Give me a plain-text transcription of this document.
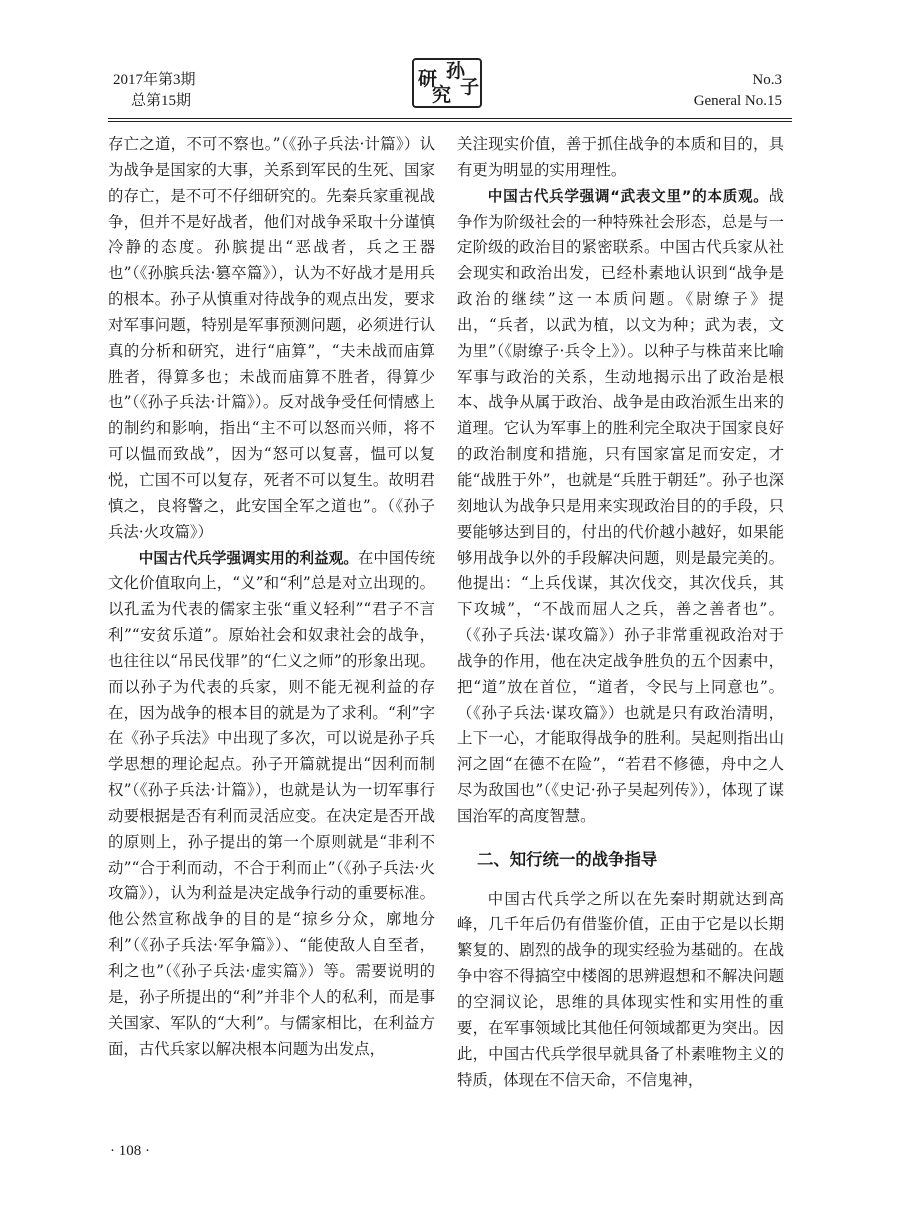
2017年第3期
总第15期
孙
研 子
究
No.3
General No.15

存亡之道，不可不察也。”（《孙子兵法·计篇》）认为战争是国家的大事，关系到军民的生死、国家的存亡，是不可不仔细研究的。先秦兵家重视战争，但并不是好战者，他们对战争采取十分谨慎冷静的态度。孙膑提出“恶战者，兵之王器也”（《孙膑兵法·篡卒篇》），认为不好战才是用兵的根本。孙子从慎重对待战争的观点出发，要求对军事问题，特别是军事预测问题，必须进行认真的分析和研究，进行“庙算”，“夫未战而庙算胜者，得算多也；未战而庙算不胜者，得算少也”（《孙子兵法·计篇》）。反对战争受任何情感上的制约和影响，指出“主不可以怒而兴师，将不可以愠而致战”，因为“怒可以复喜，愠可以复悦，亡国不可以复存，死者不可以复生。故明君慎之，良将警之，此安国全军之道也”。（《孙子兵法·火攻篇》）

中国古代兵学强调实用的利益观。在中国传统文化价值取向上，“义”和“利”总是对立出现的。以孔孟为代表的儒家主张“重义轻利”“君子不言利”“安贫乐道”。原始社会和奴隶社会的战争，也往往以“吊民伐罪”的“仁义之师”的形象出现。而以孙子为代表的兵家，则不能无视利益的存在，因为战争的根本目的就是为了求利。“利”字在《孙子兵法》中出现了多次，可以说是孙子兵学思想的理论起点。孙子开篇就提出“因利而制权”（《孙子兵法·计篇》），也就是认为一切军事行动要根据是否有利而灵活应变。在决定是否开战的原则上，孙子提出的第一个原则就是“非利不动”“合于利而动，不合于利而止”（《孙子兵法·火攻篇》），认为利益是决定战争行动的重要标准。他公然宣称战争的目的是“掠乡分众，廓地分利”（《孙子兵法·军争篇》）、“能使敌人自至者，利之也”（《孙子兵法·虚实篇》）等。需要说明的是，孙子所提出的“利”并非个人的私利，而是事关国家、军队的“大利”。与儒家相比，在利益方面，古代兵家以解决根本问题为出发点，

关注现实价值，善于抓住战争的本质和目的，具有更为明显的实用理性。

中国古代兵学强调“武表文里”的本质观。战争作为阶级社会的一种特殊社会形态，总是与一定阶级的政治目的紧密联系。中国古代兵家从社会现实和政治出发，已经朴素地认识到“战争是政治的继续”这一本质问题。《尉缭子》提出，“兵者，以武为植，以文为种；武为表，文为里”（《尉缭子·兵令上》）。以种子与株苗来比喻军事与政治的关系，生动地揭示出了政治是根本、战争从属于政治、战争是由政治派生出来的道理。它认为军事上的胜利完全取决于国家良好的政治制度和措施，只有国家富足而安定，才能“战胜于外”，也就是“兵胜于朝廷”。孙子也深刻地认为战争只是用来实现政治目的的手段，只要能够达到目的，付出的代价越小越好，如果能够用战争以外的手段解决问题，则是最完美的。他提出：“上兵伐谋，其次伐交，其次伐兵，其下攻城”，“不战而屈人之兵，善之善者也”。（《孙子兵法·谋攻篇》）孙子非常重视政治对于战争的作用，他在决定战争胜负的五个因素中，把“道”放在首位，“道者，令民与上同意也”。（《孙子兵法·谋攻篇》）也就是只有政治清明，上下一心，才能取得战争的胜利。吴起则指出山河之固“在德不在险”，“若君不修德，舟中之人尽为敌国也”（《史记·孙子吴起列传》），体现了谋国治军的高度智慧。

二、知行统一的战争指导

中国古代兵学之所以在先秦时期就达到高峰，几千年后仍有借鉴价值，正由于它是以长期繁复的、剧烈的战争的现实经验为基础的。在战争中容不得搞空中楼阁的思辨遐想和不解决问题的空洞议论，思维的具体现实性和实用性的重要，在军事领域比其他任何领域都更为突出。因此，中国古代兵学很早就具备了朴素唯物主义的特质，体现在不信天命，不信鬼神，

· 108 ·
